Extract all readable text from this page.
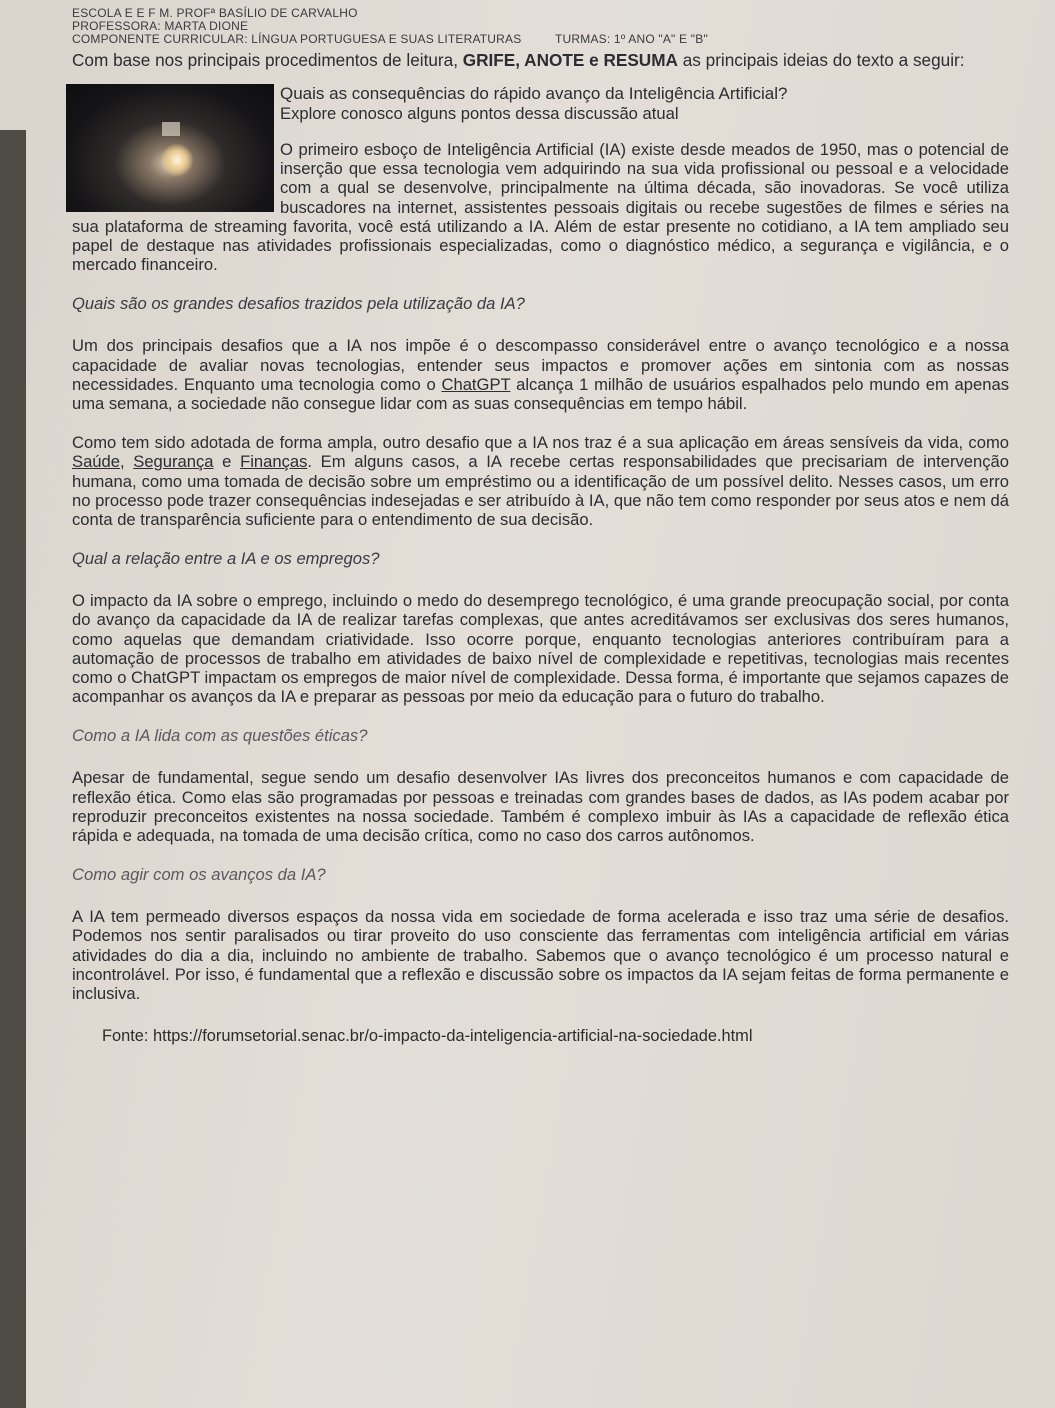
ESCOLA E E F M. PROFª BASÍLIO DE CARVALHO
PROFESSORA: MARTA DIONE
COMPONENTE CURRICULAR: LÍNGUA PORTUGUESA E SUAS LITERATURAS	TURMAS: 1º ANO "A" E "B"
Com base nos principais procedimentos de leitura, GRIFE, ANOTE e RESUMA as principais ideias do texto a seguir:
Quais as consequências do rápido avanço da Inteligência Artificial?
Explore conosco alguns pontos dessa discussão atual

O primeiro esboço de Inteligência Artificial (IA) existe desde meados de 1950, mas o potencial de inserção que essa tecnologia vem adquirindo na sua vida profissional ou pessoal e a velocidade com a qual se desenvolve, principalmente na última década, são inovadoras. Se você utiliza buscadores na internet, assistentes pessoais digitais ou recebe sugestões de filmes e séries na sua plataforma de streaming favorita, você está utilizando a IA. Além de estar presente no cotidiano, a IA tem ampliado seu papel de destaque nas atividades profissionais especializadas, como o diagnóstico médico, a segurança e vigilância, e o mercado financeiro.

Quais são os grandes desafios trazidos pela utilização da IA?

Um dos principais desafios que a IA nos impõe é o descompasso considerável entre o avanço tecnológico e a nossa capacidade de avaliar novas tecnologias, entender seus impactos e promover ações em sintonia com as nossas necessidades. Enquanto uma tecnologia como o ChatGPT alcança 1 milhão de usuários espalhados pelo mundo em apenas uma semana, a sociedade não consegue lidar com as suas consequências em tempo hábil.

Como tem sido adotada de forma ampla, outro desafio que a IA nos traz é a sua aplicação em áreas sensíveis da vida, como Saúde, Segurança e Finanças. Em alguns casos, a IA recebe certas responsabilidades que precisariam de intervenção humana, como uma tomada de decisão sobre um empréstimo ou a identificação de um possível delito. Nesses casos, um erro no processo pode trazer consequências indesejadas e ser atribuído à IA, que não tem como responder por seus atos e nem dá conta de transparência suficiente para o entendimento de sua decisão.

Qual a relação entre a IA e os empregos?

O impacto da IA sobre o emprego, incluindo o medo do desemprego tecnológico, é uma grande preocupação social, por conta do avanço da capacidade da IA de realizar tarefas complexas, que antes acreditávamos ser exclusivas dos seres humanos, como aquelas que demandam criatividade. Isso ocorre porque, enquanto tecnologias anteriores contribuíram para a automação de processos de trabalho em atividades de baixo nível de complexidade e repetitivas, tecnologias mais recentes como o ChatGPT impactam os empregos de maior nível de complexidade. Dessa forma, é importante que sejamos capazes de acompanhar os avanços da IA e preparar as pessoas por meio da educação para o futuro do trabalho.

Como a IA lida com as questões éticas?

Apesar de fundamental, segue sendo um desafio desenvolver IAs livres dos preconceitos humanos e com capacidade de reflexão ética. Como elas são programadas por pessoas e treinadas com grandes bases de dados, as IAs podem acabar por reproduzir preconceitos existentes na nossa sociedade. Também é complexo imbuir às IAs a capacidade de reflexão ética rápida e adequada, na tomada de uma decisão crítica, como no caso dos carros autônomos.

Como agir com os avanços da IA?

A IA tem permeado diversos espaços da nossa vida em sociedade de forma acelerada e isso traz uma série de desafios. Podemos nos sentir paralisados ou tirar proveito do uso consciente das ferramentas com inteligência artificial em várias atividades do dia a dia, incluindo no ambiente de trabalho. Sabemos que o avanço tecnológico é um processo natural e incontrolável. Por isso, é fundamental que a reflexão e discussão sobre os impactos da IA sejam feitas de forma permanente e inclusiva.

Fonte: https://forumsetorial.senac.br/o-impacto-da-inteligencia-artificial-na-sociedade.html
